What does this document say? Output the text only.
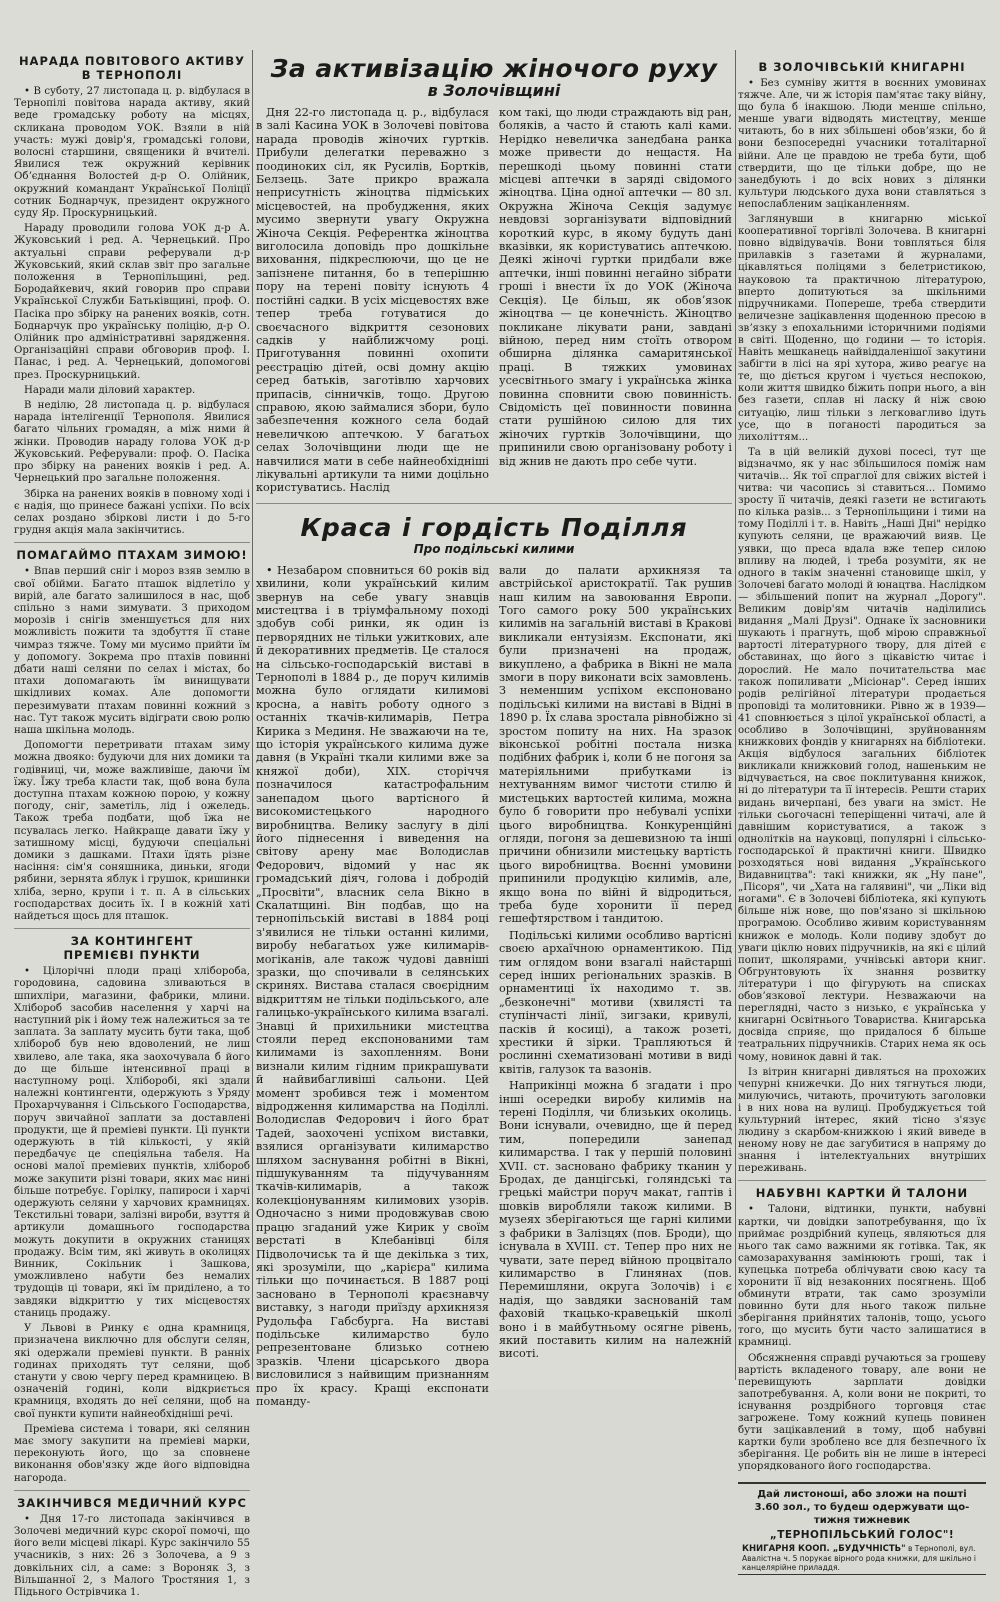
НАРАДА ПОВІТОВОГО АКТИВУ В ТЕРНОПОЛІ

• В суботу, 27 листопада ц. р. відбулася в Тернопілі повітова нарада активу, який веде громадську роботу на місцях, скликана проводом УОК. Взяли в ній участь: мужі довір'я, громадські голови, волосні старшини, священики й вчителі. Явилися теж окружний керівник Обʼєднання Волостей д-р О. Олійник, окружний командант Української Поліції сотник Боднарчук, президент окружного суду Яр. Проскурницький.

Нараду проводили голова УОК д-р А. Жуковський і ред. А. Чернецький. Про актуальні справи реферували д-р Жуковський, який склав звіт про загальне положення в Тернопільщині, ред. Бородайкевич, який говорив про справи Української Служби Батьківщині, проф. О. Пасіка про збірку на ранених вояків, сотн. Боднарчук про українську поліцію, д-р О. Олійник про адміністративні зарядження. Організаційні справи обговорив проф. І. Панас, і ред. А. Чернецький, допомогові през. Проскурницький.

Наради мали діловий характер.

В неділю, 28 листопада ц. р. відбулася нарада інтелігенції Тернополя. Явилися багато чільних громадян, а між ними й жінки. Проводив нараду голова УОК д-р Жуковський. Реферували: проф. О. Пасіка про збірку на ранених вояків і ред. А. Чернецький про загальне положення.

Збірка на ранених вояків в повному ході і є надія, що принесе бажані успіхи. По всіх селах роздано збіркові листи і до 5-го грудня акція мала закінчитись.

ПОМАГАЙМО ПТАХАМ ЗИМОЮ!

• Впав перший сніг і мороз взяв землю в свої обійми. Багато пташок відлетіло у вирій, але багато залишилося в нас, щоб спільно з нами зимувати. З приходом морозів і снігів зменшується для них можливість пожити та здобуття її стане чимраз тяжче. Тому ми мусимо прийти їм у допомогу. Зокрема про птахів повинні дбати наші селяни по селах і містах, бо птахи допомагають їм винищувати шкідливих комах. Але допомогти перезимувати птахам повинні кожний з нас. Тут також мусить відіграти свою ролю наша шкільна молодь.

Допомогти перетривати птахам зиму можна двояко: будуючи для них домики та годівниці, чи, може важливіше, даючи їм їжу. Їжу треба класти так, щоб вона була доступна птахам кожною порою, у кожну погоду, сніг, заметіль, лід і ожеледь. Також треба подбати, щоб їжа не псувалась легко. Найкраще давати їжу у затишному місці, будуючи спеціальні домики з дашками. Птахи їдять різне насіння: сім'я соняшника, диньки, ягоди рябини, зернята яблук і грушок, кришинки хліба, зерно, крупи і т. п. А в сільських господарствах досить їх. І в кожній хаті найдеться щось для пташок.

ЗА КОНТИНГЕНТ
ПРЕМІЄВІ ПУНКТИ

• Цілорічні плоди праці хлібороба, городовина, садовина зливаються в шпихліри, магазини, фабрики, млини. Хлібороб засобив населення у харчі на наступний рік і йому теж належиться за те заплата. За заплату мусить бути така, щоб хлібороб був нею вдоволений, не лиш хвилево, але така, яка заохочувала б його до ще більше інтенсивної праці в наступному році. Хліборобі, які здали належні контингенти, одержують з Уряду Прохарчування і Сільського Господарства, поруч звичайної заплати за доставлені продукти, ще й преміеві пункти. Ці пункти одержують в тій кількості, у якій передбачує це спеціяльна табеля. На основі малої преміевих пунктів, хлібороб може закупити різні товари, яких має нині більше потребує. Горілку, папироси і харчі одержують селяни у харчових крамницях. Текстильні товари, залізні вироби, взуття й артикули домашнього господарства можуть докупити в окружних станицях продажу. Всім тим, які живуть в околицях Винник, Сокільник і Зашкова, уможливлено набути без немалих трудощів ці товари, які їм приділено, а то завдяки відкриттю у тих місцевостях станиць продажу.

У Львові в Ринку є одна крамниця, призначена виключно для обслуги селян, які одержали преміеві пункти. В ранніх годинах приходять тут селяни, щоб станути у свою чергу перед крамницею. В означеній годині, коли відкриється крамниця, входять до неї селяни, щоб на свої пункти купити найнеобхідніші речі.

Преміева система і товари, які селянин має змогу закупити на преміеві марки, переконують його, що за сповнене виконання обов'язку жде його відповідна нагорода.

ЗАКІНЧИВСЯ МЕДИЧНИЙ КУРС

• Дня 17-го листопада закінчився в Золочеві медичний курс скорої помочі, що його вели місцеві лікарі. Курс закінчило 55 учасників, з них: 26 з Золочева, а 9 з довкільних сіл, а саме: з Вороняк 3, з Вільшанної 2, з Малого Тростяния 1, з Підьного Острівчика 1.

За активізацію жіночого руху
в Золочівщині

Дня 22-го листопада ц. р., відбулася в залі Касина УОК в Золочеві повітова нарада проводів жіночих гуртків. Прибули делегатки переважно з поодиноких сіл, як Русилів, Бортків, Белзець. Зате прикро вражала неприсутність жіноцтва підміських місцевостей, на пробудження, яких мусимо звернути увагу Окружна Жіноча Секція. Референтка жіноцтва виголосила доповідь про дошкільне виховання, підкреслюючи, що це не запізнене питання, бо в теперішню пору на терені повіту існують 4 постійні садки. В усіх місцевостях вже тепер треба готуватися до своєчасного відкриття сезонових садків у найближчому році. Приготування повинні охопити реєстрацію дітей, осві домну акцію серед батьків, заготівлю харчових припасів, сінничків, тощо. Другою справою, якою займалися збори, було забезпечення кожного села бодай невеличкою аптечкою. У багатьох селах Золочівщини люди ще не навчилися мати в себе найнеобхідніші лікувальні артикули та ними доцільно користуватись. Наслід

ком такі, що люди страждають від ран, боляків, а часто й стають калі ками. Нерідко невеличка занедбана ранка може привести до нещастя. На перешкоді цьому повинні стати місцеві аптечки в заряді свідомого жіноцтва. Ціна одної аптечки — 80 зл. Окружна Жіноча Секція задумує невдовзі зорганізувати відповідний короткий курс, в якому будуть дані вказівки, як користуватись аптечкою. Деякі жіночі гуртки придбали вже аптечки, інші повинні негайно зібрати гроші і внести їх до УОК (Жіноча Секція). Це більш, як обовʼязок жіноцтва — це конечність. Жіноцтво покликане лікувати рани, завдані війною, перед ним стоїть отвором обширна ділянка самаритянської праці. В тяжких умовинах усесвітнього змагу і українська жінка повинна сповнити свою повинність. Свідомість цеї повинности повинна стати рушійною силою для тих жіночих гуртків Золочівщини, що припинили свою організовану роботу і від жнив не дають про себе чути.

Краса і гордість Поділля
Про подільські килими

• Незабаром сповниться 60 років від хвилини, коли український килим звернув на себе увагу знавців мистецтва і в тріумфальному поході здобув собі ринки, як один із перворядних не тільки ужиткових, але й декоративних предметів. Це сталося на сільсько-господарській виставі в Тернополі в 1884 р., де поруч килимів можна було оглядати килимові кросна, а навіть роботу одного з останніх ткачів-килимарів, Петра Кирика з Мединя. Не зважаючи на те, що історія українського килима дуже давня (в Україні ткали килими вже за княжої доби), XIX. сторіччя позначилося катастрофальним занепадом цього вартісного й високомистецького народного виробництва. Велику заслугу в ділі його піднесення і виведення на світову арену має Володислав Федорович, відомий у нас як громадський діяч, голова і добродій „Просвіти", власник села Вікно в Скалатщині. Він подбав, що на тернопільській виставі в 1884 році з'явилися не тільки останні килими, виробу небагатьох уже килимарів-могіканів, але також чудові давніші зразки, що спочивали в селянських скринях. Вистава сталася своєрідним відкриттям не тільки подільського, але галицько-українського килима взагалі. Знавці й прихильники мистецтва стояли перед експонованими там килимами із захопленням. Вони визнали килим гідним прикрашувати й найвибагливіші сальони. Цей момент зробився теж і моментом відродження килимарства на Поділлі. Володислав Федорович і його брат Тадей, заохочені успіхом виставки, взялися організувати килимарство шляхом заснування робітні в Вікні, підшукуванням та підучуванням ткачів-килимарів, а також колекціонуванням килимових узорів. Одночасно з ними продовжував свою працю згаданий уже Кирик у своїм верстаті в Клебанівці біля Підволочиськ та й ще декілька з тих, які зрозуміли, що „карієра" килима тільки що починається. В 1887 році засновано в Тернополі краєзнавчу виставку, з нагоди приїзду архикнязя Рудольфа Габсбурга. На виставі подільське килимарство було репрезентоване близько сотнею зразків. Члени цісарського двора висловилися з найвищим признанням про їх красу. Кращі експонати поманду-

вали до палати архикнязя та австрійської аристократії. Так рушив наш килим на завоювання Европи. Того самого року 500 українських килимів на загальній виставі в Кракові викликали ентузіязм. Експонати, які були призначені на продаж, викуплено, а фабрика в Вікні не мала змоги в пору виконати всіх замовлень. З неменшим успіхом експоновано подільські килими на виставі в Відні в 1890 р. Їх слава зростала рівнобіжно зі зростом попиту на них. На зразок віконської робітні постала низка подібних фабрик і, коли б не погоня за матеріяльними прибутками із нехтуванням вимог чистоти стилю й мистецьких вартостей килима, можна було б говорити про небувалі успіхи цього виробництва. Конкуренційні огляди, погоня за дешевизною та інші причини обнизили мистецьку вартість цього виробництва. Воєнні умовини припинили продукцію килимів, але, якщо вона по війні й відродиться, треба буде хоронити її перед гешефтярством і тандитою.

Подільські килими особливо вартісні своєю архаїчною орнаментикою. Під тим оглядом вони взагалі найстарші серед інших регіональних зразків. В орнаментиці їх находимо т. зв. „безконечні" мотиви (хвилясті та ступінчасті лінії, зигзаки, кривулі, пасків й косиці), а також розеті, хрестики й зірки. Трапляються й рослинні схематизовані мотиви в виді квітів, галузок та вазонів.

Наприкінці можна б згадати і про інші осередки виробу килимів на терені Поділля, чи близьких околиць. Вони існували, очевидно, ще й перед тим, попередили занепад килимарства. І так у першій половині XVII. ст. засновано фабрику тканин у Бродах, де данцігські, голяндські та грецькі майстри поруч макат, гаптів і шовків виробляли також килими. В музеях зберігаються ще гарні килими з фабрики в Залізцях (пов. Броди), що існувала в XVIII. ст. Тепер про них не чувати, зате перед війною процвітало килимарство в Глинянах (пов. Перемишляни, округа Золочів) і є надія, що завдяки заснованій там фаховій ткацько-кравецькій школі воно і в майбутньому осягне рівень, який поставить килим на належній висоті.

В ЗОЛОЧІВСЬКІЙ КНИГАРНІ

• Без сумніву життя в воєнних умовинах тяжче. Але, чи ж історія пам'ятає таку війну, що була б інакшою. Люди менше спільно, менше уваги відводять мистецтву, менше читають, бо в них збільшені обовʼязки, бо й вони безпосередні учасники тоталітарної війни. Але це правдою не треба бути, щоб ствердити, що це тільки добре, що не занедбують і до всіх нових з ділянки культури людського духа вони ставляться з непослабленим заціканленням.

Заглянувши в книгарню міської кооперативної торгівлі Золочева. В книгарні повно відвідувачів. Вони товпляться біля прилавків з газетами й журналами, цікавляться поліцями з белетристикою, науковою та практичною літературою, вперто допитуються за шкільними підручниками. Попереше, треба ствердити величезне зацікавлення щоденною пресою в звʼязку з епохальними історичними подіями в світі. Щоденно, що години — то історія. Навіть мешканець найвіддаленішої закутини забігти в лісі на ярі хутора, живо реагує на те, що діється кругом і чується неспокою, коли життя швидко біжить попри нього, а він без газети, сплав ні ласку й ніж свою ситуацію, лиш тільки з легковагливо ідуть усе, що в поганості пародиться за лихоліттям...

Та в цій великій духові посесі, тут ще відзначмо, як у нас збільшилося поміж нам читачів... Як тої спраглої для свіжих вістей і читва: чи часопись зі ставиться... Помимо зросту її читачів, деякі газети не встигають по кілька разів... з Тернопільщини і тими на тому Поділлі і т. в. Навіть „Наші Дні" нерідко купують селяни, це вражаючий вияв. Це уявки, що преса вдала вже тепер силою впливу на людей, і треба розуміти, як не одного в такім значенні становище шкіл, у Золочеві багато молоді й юнацтва. Наслідком — збільшений попит на журнал „Дорогу". Великим довір'ям читачів наділились видання „Малі Друзі". Однаке їх засновники шукають і прагнуть, щоб мірою справжньої вартості літературного твору, для дітей є обставинах, що його з цікавістю читає і дорослий. Не мало почитательства має також попиливати „Місіонар". Серед інших родів релігійної літератури продається проповіді та молитовники. Рівно ж в 1939—41 сповнюється з цілої української області, а особливо в Золочівщині, зруйнованням книжкових фондів у книгарнях на бібліотеки. Акція відбулося загальних бібліотек викликали книжковий голод, нашеньким не відчувається, на своє поклитування книжок, ні до літератури та її інтересів. Решти старих видань вичерпані, без уваги на зміст. Не тільки сьогочасні теперіщенні читачі, але й давнішим користуватися, а також з однолітків на науковці, популярні і сільсько-господарської й практичні книги. Швидко розходяться нові видання „Українського Видавництва": такі книжки, як „Ну пане", „Пісоря", чи „Хата на галявині", чи „Ліки від ногами". Є в Золочеві бібліотека, які купують більше ніж нове, що пов'язано зі шкільною програмою. Особливо живим користуванням книжок е молодь. Коли подиву здобут до уваги ціклю нових підручників, на які є цілий попит, школярами, учнівські автори книг. Обгрунтовують їх знання розвитку літератури і що фігурують на списках обовʼязкової лектури. Незважаючи на переглядні, часто з низько, є українська у книгарні Освітнього Товариства. Книгарська досвіда сприяє, що придалося б більше театральних підручників. Старих нема як ось чому, новинок давні й так.

Із вітрин книгарні дивляться на прохожих чепурні книжечки. До них тягнуться люди, милуючись, читають, прочитують заголовки і в них нова на вулиці. Пробуджується той культурний інтерес, який тісно з'язує людину з скарбом-книжкою і який виведе в неному нову не дає загубитися в напряму до знання і інтелектуальних внутріших переживань.

НАБУВНІ КАРТКИ Й ТАЛОНИ

• Талони, відтинки, пункти, набувні картки, чи довідки запотребування, що їх приймає роздрібний купець, являються для нього так само важними як готівка. Так, як самозарахування замінюють гроші, так і купецька потреба облічувати свою касу та хоронити її від незаконних посягнень. Щоб обминути втрати, так само зрозуміли повинно бути для нього також пильне зберігання прийнятих талонів, тощо, усього того, що мусить бути часто залишатися в крамниці.

Обсяжнення справді ручаються за грошеву вартість вкладеного товару, але вони не перевищують зарплати довідки запотребування. А, коли вони не покриті, то існування роздрібного торговця стає загрожене. Тому кожний купець повинен бути зацікавлений в тому, щоб набувні картки були зроблено все для безпечного їх зберігання. Це робить він не лише в інтересі упорядкованого його господарства.

Дай листоноші, або зложи на пошті

3.60 зол., то будеш одержувати що-

тижня тижневик

„ТЕРНОПІЛЬСЬКИЙ ГОЛОС"!

КНИГАРНЯ КООП. „БУДУЧНІСТЬ" в Тернополі, вул. Авалістна ч. 5 порукає вірного рода книжки, для шкільно і канцелярійне приладдя.
